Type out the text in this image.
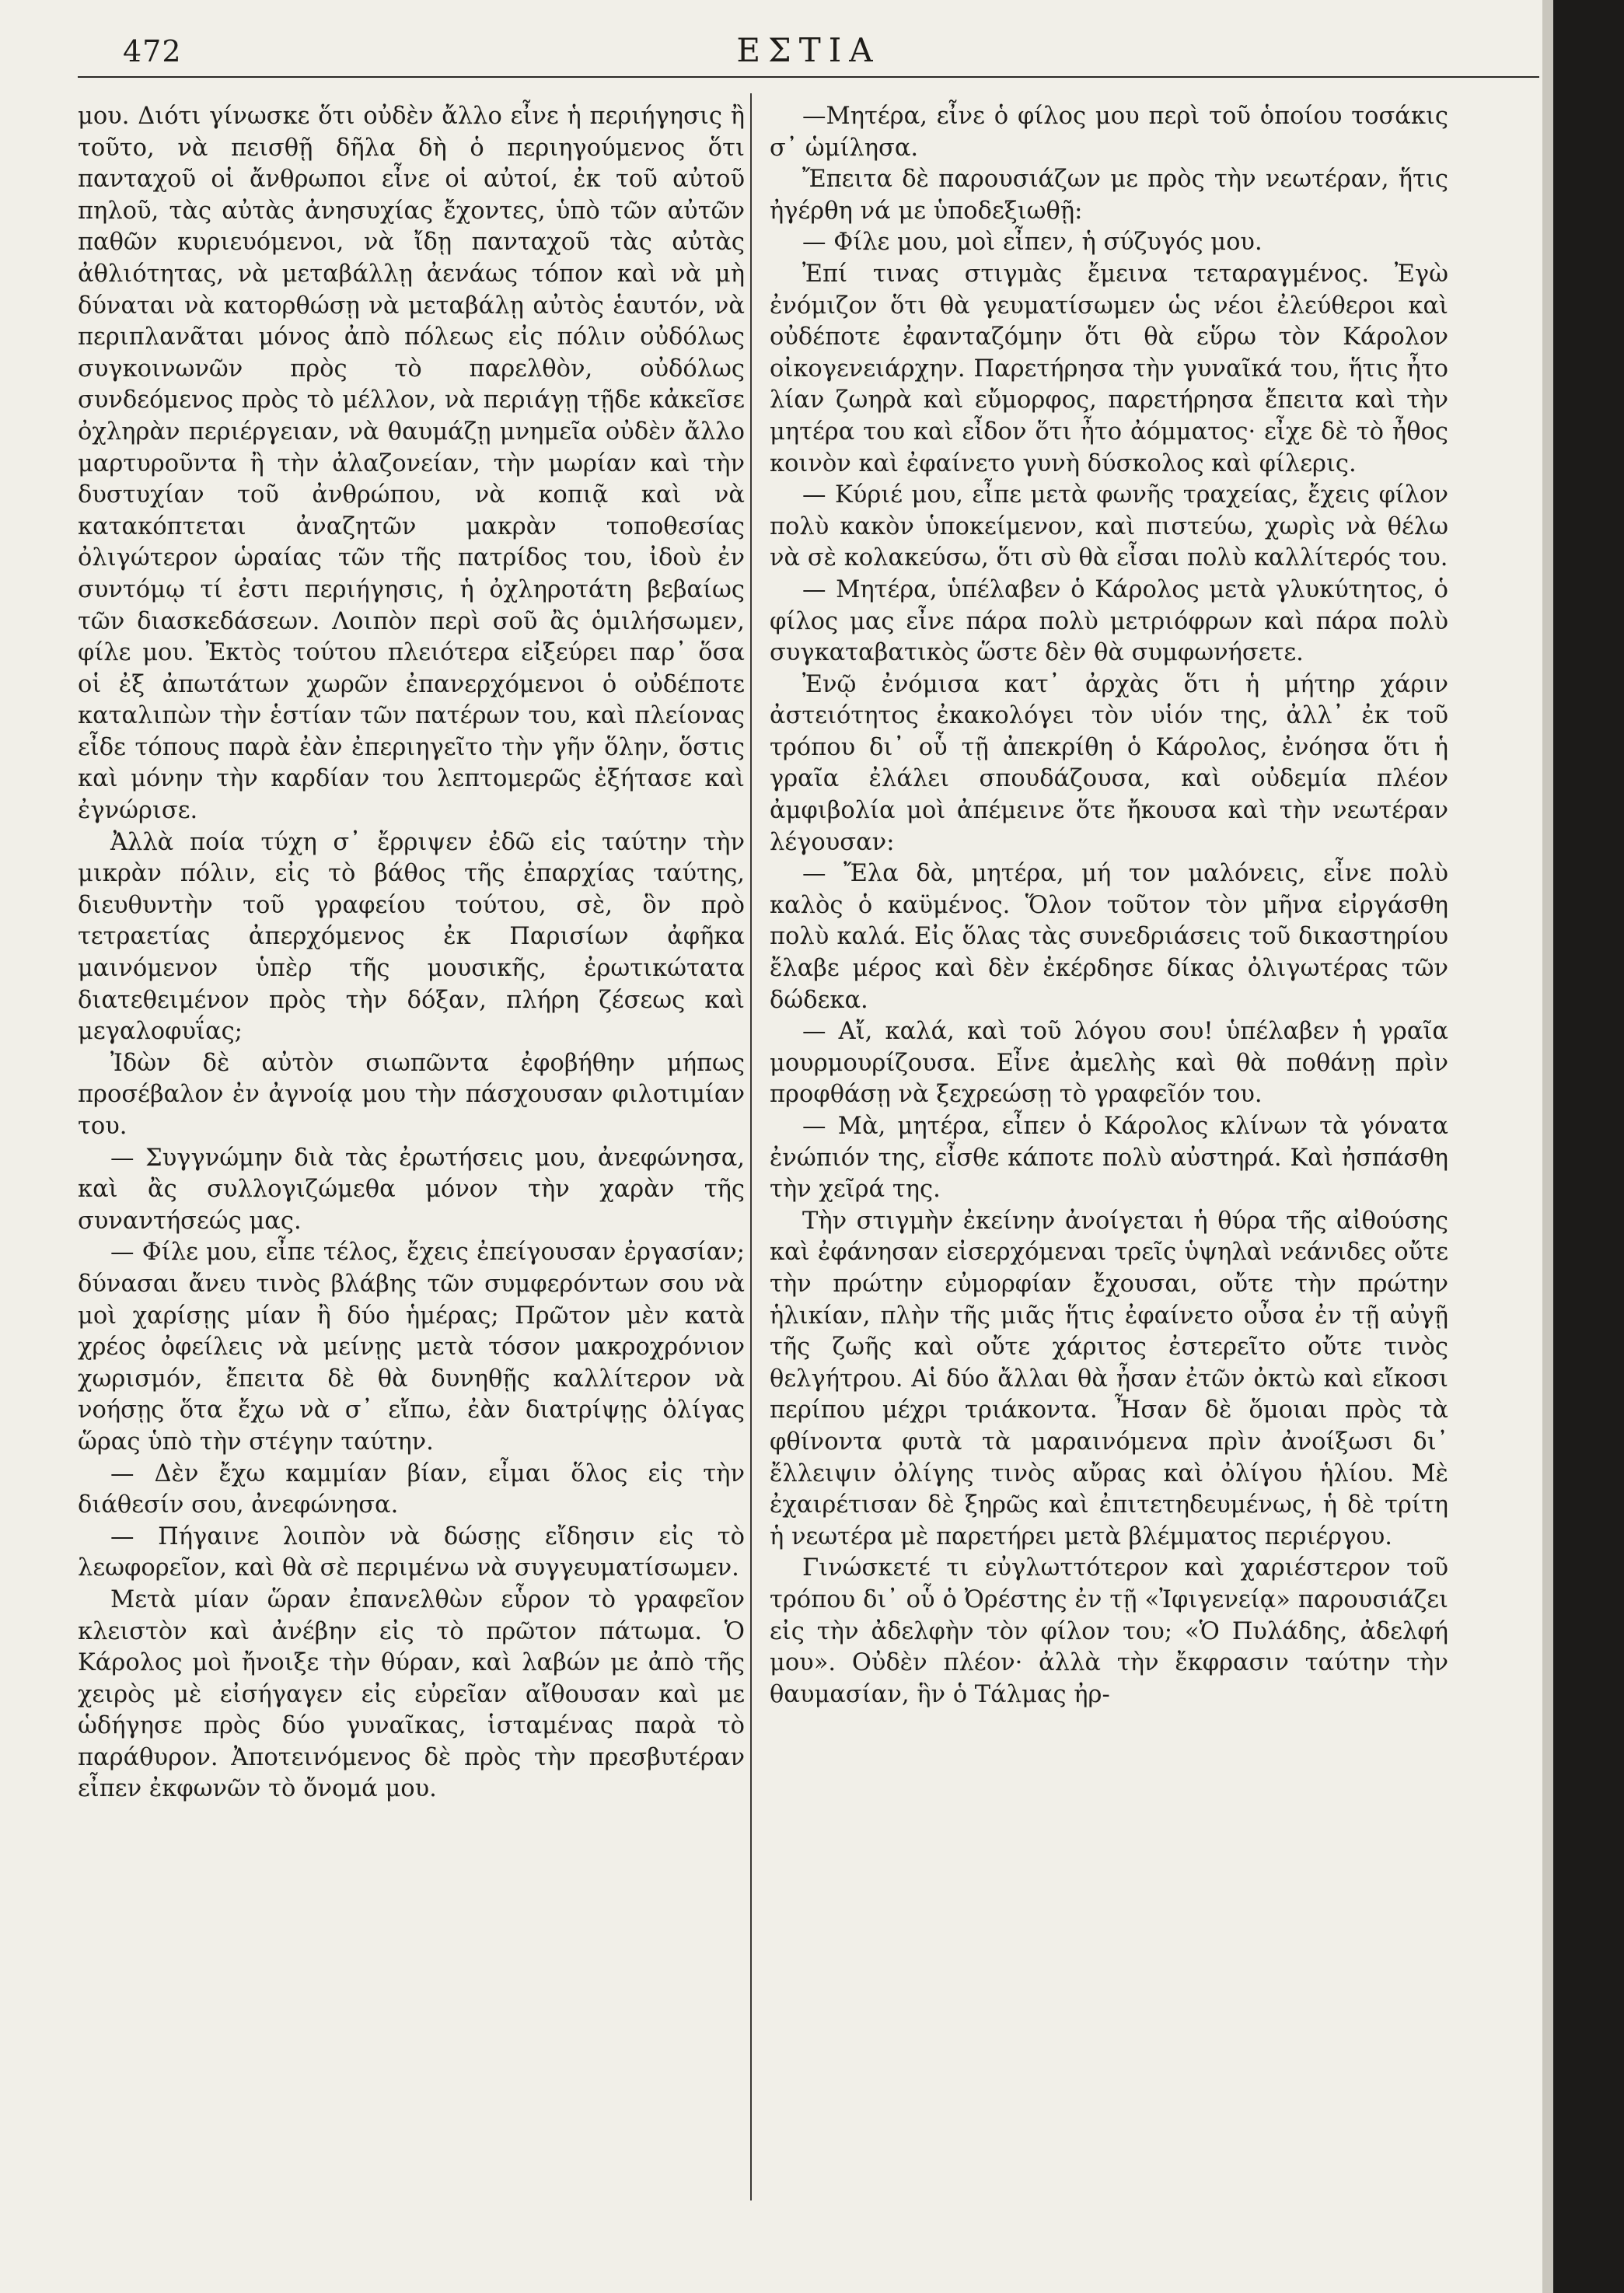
472	ΕΣΤΙΑ

μου. Διότι γίνωσκε ὅτι οὐδὲν ἄλλο εἶνε ἡ περιήγησις ἢ τοῦτο, νὰ πεισθῇ δῆλα δὴ ὁ περιηγούμενος ὅτι πανταχοῦ οἱ ἄνθρωποι εἶνε οἱ αὐτοί, ἐκ τοῦ αὐτοῦ πηλοῦ, τὰς αὐτὰς ἀνησυχίας ἔχοντες, ὑπὸ τῶν αὐτῶν παθῶν κυριευόμενοι, νὰ ἴδῃ πανταχοῦ τὰς αὐτὰς ἀθλιότητας, νὰ μεταβάλλῃ ἀενάως τόπον καὶ νὰ μὴ δύναται νὰ κατορθώσῃ νὰ μεταβάλῃ αὐτὸς ἑαυτόν, νὰ περιπλανᾶται μόνος ἀπὸ πόλεως εἰς πόλιν οὐδόλως συγκοινωνῶν πρὸς τὸ παρελθὸν, οὐδόλως συνδεόμενος πρὸς τὸ μέλλον, νὰ περιάγῃ τῇδε κἀκεῖσε ὀχληρὰν περιέργειαν, νὰ θαυμάζῃ μνημεῖα οὐδὲν ἄλλο μαρτυροῦντα ἢ τὴν ἀλαζονείαν, τὴν μωρίαν καὶ τὴν δυστυχίαν τοῦ ἀνθρώπου, νὰ κοπιᾷ καὶ νὰ κατακόπτεται ἀναζητῶν μακρὰν τοποθεσίας ὀλιγώτερον ὡραίας τῶν τῆς πατρίδος του, ἰδοὺ ἐν συντόμῳ τί ἐστι περιήγησις, ἡ ὀχληροτάτη βεβαίως τῶν διασκεδάσεων. Λοιπὸν περὶ σοῦ ἂς ὁμιλήσωμεν, φίλε μου. Ἐκτὸς τούτου πλειότερα εἰξεύρει παρ᾽ ὅσα οἱ ἐξ ἀπωτάτων χωρῶν ἐπανερχόμενοι ὁ οὐδέποτε καταλιπὼν τὴν ἑστίαν τῶν πατέρων του, καὶ πλείονας εἶδε τόπους παρὰ ἐὰν ἐπεριηγεῖτο τὴν γῆν ὅλην, ὅστις καὶ μόνην τὴν καρδίαν του λεπτομερῶς ἐξήτασε καὶ ἐγνώρισε.

Ἀλλὰ ποία τύχη σ᾽ ἔρριψεν ἐδῶ εἰς ταύτην τὴν μικρὰν πόλιν, εἰς τὸ βάθος τῆς ἐπαρχίας ταύτης, διευθυντὴν τοῦ γραφείου τούτου, σὲ, ὃν πρὸ τετραετίας ἀπερχόμενος ἐκ Παρισίων ἀφῆκα μαινόμενον ὑπὲρ τῆς μουσικῆς, ἐρωτικώτατα διατεθειμένον πρὸς τὴν δόξαν, πλήρη ζέσεως καὶ μεγαλοφυΐας;

Ἰδὼν δὲ αὐτὸν σιωπῶντα ἐφοβήθην μήπως προσέβαλον ἐν ἀγνοίᾳ μου τὴν πάσχουσαν φιλοτιμίαν του.

— Συγγνώμην διὰ τὰς ἐρωτήσεις μου, ἀνεφώνησα, καὶ ἂς συλλογιζώμεθα μόνον τὴν χαρὰν τῆς συναντήσεώς μας.

— Φίλε μου, εἶπε τέλος, ἔχεις ἐπείγουσαν ἐργασίαν; δύνασαι ἄνευ τινὸς βλάβης τῶν συμφερόντων σου νὰ μοὶ χαρίσῃς μίαν ἢ δύο ἡμέρας; Πρῶτον μὲν κατὰ χρέος ὀφείλεις νὰ μείνῃς μετὰ τόσον μακροχρόνιον χωρισμόν, ἔπειτα δὲ θὰ δυνηθῇς καλλίτερον νὰ νοήσῃς ὅτα ἔχω νὰ σ᾽ εἴπω, ἐὰν διατρίψῃς ὀλίγας ὥρας ὑπὸ τὴν στέγην ταύτην.

— Δὲν ἔχω καμμίαν βίαν, εἶμαι ὅλος εἰς τὴν διάθεσίν σου, ἀνεφώνησα.

— Πήγαινε λοιπὸν νὰ δώσῃς εἴδησιν εἰς τὸ λεωφορεῖον, καὶ θὰ σὲ περιμένω νὰ συγγευματίσωμεν.

Μετὰ μίαν ὥραν ἐπανελθὼν εὗρον τὸ γραφεῖον κλειστὸν καὶ ἀνέβην εἰς τὸ πρῶτον πάτωμα. Ὁ Κάρολος μοὶ ἤνοιξε τὴν θύραν, καὶ λαβών με ἀπὸ τῆς χειρὸς μὲ εἰσήγαγεν εἰς εὐρεῖαν αἴθουσαν καὶ με ὡδήγησε πρὸς δύο γυναῖκας, ἱσταμένας παρὰ τὸ παράθυρον. Ἀποτεινόμενος δὲ πρὸς τὴν πρεσβυτέραν εἶπεν ἐκφωνῶν τὸ ὄνομά μου.

—Μητέρα, εἶνε ὁ φίλος μου περὶ τοῦ ὁποίου τοσάκις σ᾽ ὡμίλησα.

Ἔπειτα δὲ παρουσιάζων με πρὸς τὴν νεωτέραν, ἥτις ἠγέρθη νά με ὑποδεξιωθῇ:

— Φίλε μου, μοὶ εἶπεν, ἡ σύζυγός μου.

Ἐπί τινας στιγμὰς ἔμεινα τεταραγμένος. Ἐγὼ ἐνόμιζον ὅτι θὰ γευματίσωμεν ὡς νέοι ἐλεύθεροι καὶ οὐδέποτε ἐφανταζόμην ὅτι θὰ εὕρω τὸν Κάρολον οἰκογενειάρχην. Παρετήρησα τὴν γυναῖκά του, ἥτις ἦτο λίαν ζωηρὰ καὶ εὔμορφος, παρετήρησα ἔπειτα καὶ τὴν μητέρα του καὶ εἶδον ὅτι ἦτο ἀόμματος· εἶχε δὲ τὸ ἦθος κοινὸν καὶ ἐφαίνετο γυνὴ δύσκολος καὶ φίλερις.

— Κύριέ μου, εἶπε μετὰ φωνῆς τραχείας, ἔχεις φίλον πολὺ κακὸν ὑποκείμενον, καὶ πιστεύω, χωρὶς νὰ θέλω νὰ σὲ κολακεύσω, ὅτι σὺ θὰ εἶσαι πολὺ καλλίτερός του.

— Μητέρα, ὑπέλαβεν ὁ Κάρολος μετὰ γλυκύτητος, ὁ φίλος μας εἶνε πάρα πολὺ μετριόφρων καὶ πάρα πολὺ συγκαταβατικὸς ὥστε δὲν θὰ συμφωνήσετε.

Ἐνῷ ἐνόμισα κατ᾽ ἀρχὰς ὅτι ἡ μήτηρ χάριν ἀστειότητος ἐκακολόγει τὸν υἱόν της, ἀλλ᾽ ἐκ τοῦ τρόπου δι᾽ οὗ τῇ ἀπεκρίθη ὁ Κάρολος, ἐνόησα ὅτι ἡ γραῖα ἐλάλει σπουδάζουσα, καὶ οὐδεμία πλέον ἀμφιβολία μοὶ ἀπέμεινε ὅτε ἤκουσα καὶ τὴν νεωτέραν λέγουσαν:

— Ἔλα δὰ, μητέρα, μή τον μαλόνεις, εἶνε πολὺ καλὸς ὁ καϋμένος. Ὅλον τοῦτον τὸν μῆνα εἰργάσθη πολὺ καλά. Εἰς ὅλας τὰς συνεδριάσεις τοῦ δικαστηρίου ἔλαβε μέρος καὶ δὲν ἐκέρδησε δίκας ὀλιγωτέρας τῶν δώδεκα.

— Αἴ, καλά, καὶ τοῦ λόγου σου! ὑπέλαβεν ἡ γραῖα μουρμουρίζουσα. Εἶνε ἀμελὴς καὶ θὰ ποθάνῃ πρὶν προφθάσῃ νὰ ξεχρεώσῃ τὸ γραφεῖόν του.

— Μὰ, μητέρα, εἶπεν ὁ Κάρολος κλίνων τὰ γόνατα ἐνώπιόν της, εἶσθε κάποτε πολὺ αὐστηρά. Καὶ ἠσπάσθη τὴν χεῖρά της.

Τὴν στιγμὴν ἐκείνην ἀνοίγεται ἡ θύρα τῆς αἰθούσης καὶ ἐφάνησαν εἰσερχόμεναι τρεῖς ὑψηλαὶ νεάνιδες οὔτε τὴν πρώτην εὐμορφίαν ἔχουσαι, οὔτε τὴν πρώτην ἡλικίαν, πλὴν τῆς μιᾶς ἥτις ἐφαίνετο οὖσα ἐν τῇ αὐγῇ τῆς ζωῆς καὶ οὔτε χάριτος ἐστερεῖτο οὔτε τινὸς θελγήτρου. Αἱ δύο ἄλλαι θὰ ἦσαν ἐτῶν ὀκτὼ καὶ εἴκοσι περίπου μέχρι τριάκοντα. Ἦσαν δὲ ὅμοιαι πρὸς τὰ φθίνοντα φυτὰ τὰ μαραινόμενα πρὶν ἀνοίξωσι δι᾽ ἔλλειψιν ὀλίγης τινὸς αὔρας καὶ ὀλίγου ἡλίου. Μὲ ἐχαιρέτισαν δὲ ξηρῶς καὶ ἐπιτετηδευμένως, ἡ δὲ τρίτη ἡ νεωτέρα μὲ παρετήρει μετὰ βλέμματος περιέργου.

Γινώσκετέ τι εὐγλωττότερον καὶ χαριέστερον τοῦ τρόπου δι᾽ οὗ ὁ Ὀρέστης ἐν τῇ «Ἰφιγενείᾳ» παρουσιάζει εἰς τὴν ἀδελφὴν τὸν φίλον του; «Ὁ Πυλάδης, ἀδελφή μου». Οὐδὲν πλέον· ἀλλὰ τὴν ἔκφρασιν ταύτην τὴν θαυμασίαν, ἣν ὁ Τάλμας ἠρ-
